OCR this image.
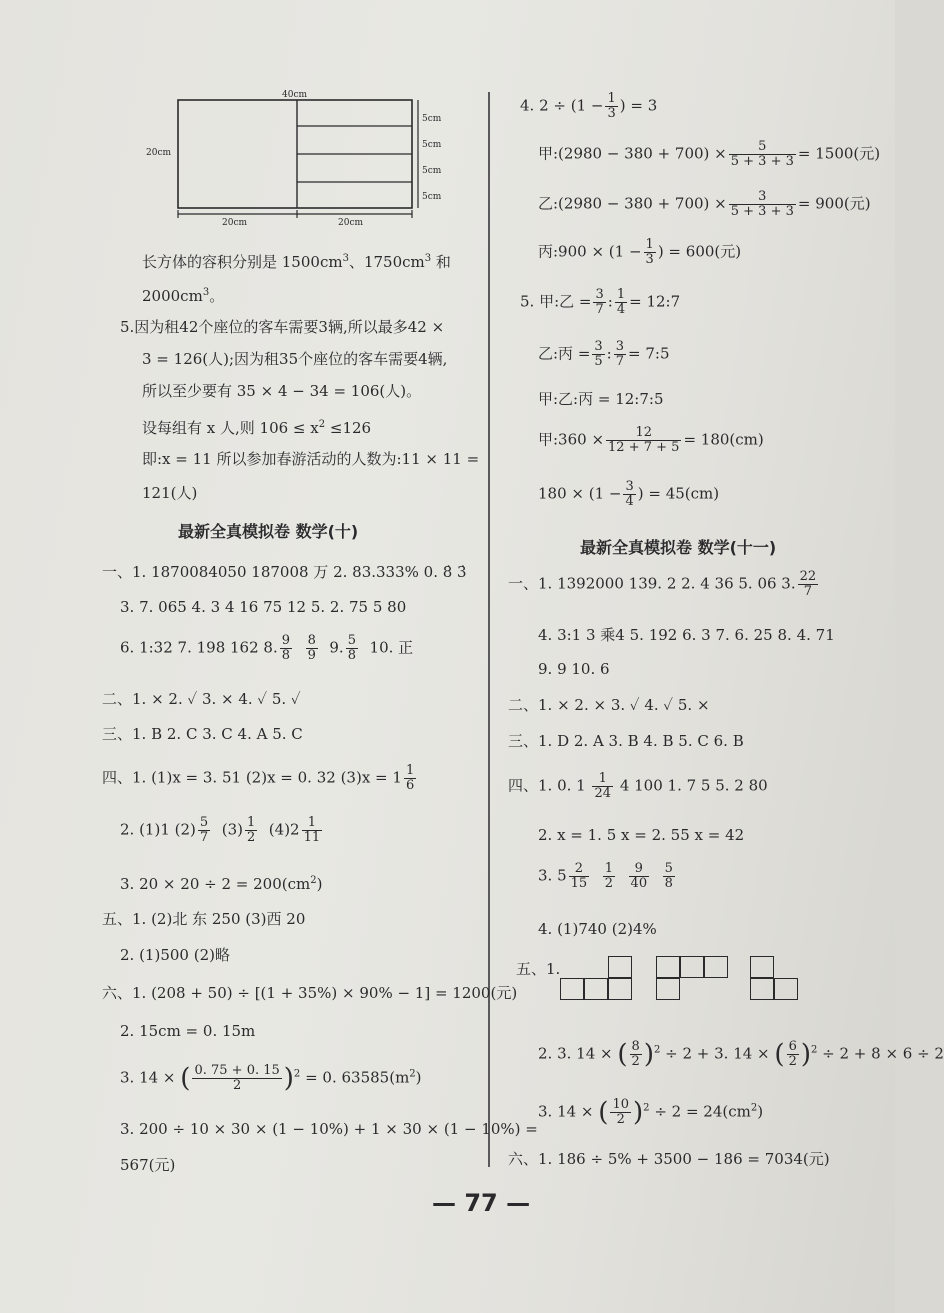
40cm
20cm
20cm	20cm
5cm
5cm
5cm
5cm
长方体的容积分别是 $1500cm^3$、$1750cm^3$ 和
$2000cm^3$。
5.因为租42个座位的客车需要3辆,所以最多42 ×
3 = 126(人);因为租35个座位的客车需要4辆,
所以至少要有 35 × 4 − 34 = 106(人)。
设每组有 x 人,则 $106 \le x^2 \le 126$
即:x = 11 所以参加春游活动的人数为:11 × 11 =
121(人)
最新全真模拟卷 数学(十)
一、1. 1870084050 187008 万 2. 83.333% 0. 8̇ 3̇
3. 7. 065 4. 3 4 16 75 12 5. 2. 75 5 80
6. 1:32 7. 198 162 8. $\frac{9}{8}$
$\frac{8}{9} 9$. $\frac{5}{8} 10$. 正
二、1. × 2. ✓ 3. × 4. ✓ 5. ✓
三、1. B 2. C 3. C 4. A 5. C
四、1. (1)x = 3. 51 (2)x = 0. 32 $(3)x = 1 \frac{1}{6}$
2. (1)1 $(2) \frac{5}{7} (3) \frac{1}{2} (4)2 \frac{1}{11}$
3. $20 \times 20 \div 2 = 200(cm^2)$
五、1. (2)北 东 250 (3)西 20
2. (1)500 (2)略
六、1. (208 + 50) ÷ [(1 + 35%) × 90% − 1] = 1200(元)
2. 15cm = 0. 15m
3. 14 × ( $\frac{0. 75 + 0. 15}{2} )^2 = 0$. $63585(m^2)$
3. 200 ÷ 10 × 30 × (1 − 10%) + 1 × 30 × (1 − 10%) =
567(元)
4. $2 \div (1 - \frac{1}{3}$ ) = 3
甲:(2980 − $380 + 700) \times \frac{5}{5 + 3 + 3} = 1500$(元)
乙:(2980 − $380 + 700) \times \frac{3}{5 + 3 + 3} = 900$(元)
丙:900 × ($1 - \frac{1}{3}$ ) = 600(元)
5. 甲:乙 = $\frac{3}{7}$ : $\frac{1}{4}$ = 12:7
乙:丙 = $\frac{3}{5}$ : $\frac{3}{7}$ = 7:5
甲:乙:丙 = 12:7:5
甲:360 × $\frac{12}{12 + 7 + 5} = 180(cm)$
$180 \times (1 - \frac{3}{4}$ ) = 45(cm)
最新全真模拟卷 数学(十一)
一、1. 1392000 139. 2 2. 4 36 5. 06 3. $\frac{22}{7}$
4. 3:1 3 乘4 5. 192 6. 3 7. 6. 25 8. 4. 71
9. 9 10. 6
二、1. × 2. × 3. ✓ 4. ✓ 5. ×
三、1. D 2. A 3. B 4. B 5. C 6. B
四、1. 0. $1 \frac{1}{24} 4$ 100 1. 7 5 5. 2 80
2. x = 1. 5 x = 2. 55 x = 42
3. $5 \frac{2}{15}$
$\frac{1}{2}$
$\frac{9}{40}$
$\frac{5}{8}$
4. (1)740 (2)4%
五、1.
2. 3. 14 × ( $\frac{8}{2} )^2 \div 2 + 3$. 14 × ( $\frac{6}{2} )^2 \div 2 + 8 \times 6 \div 2$
3. 14 × ( $\frac{10}{2} )^2 \div 2 = 24(cm^2)$
六、1. 186 ÷ 5% + 3500 − 186 = 7034(元)
— 77 —
